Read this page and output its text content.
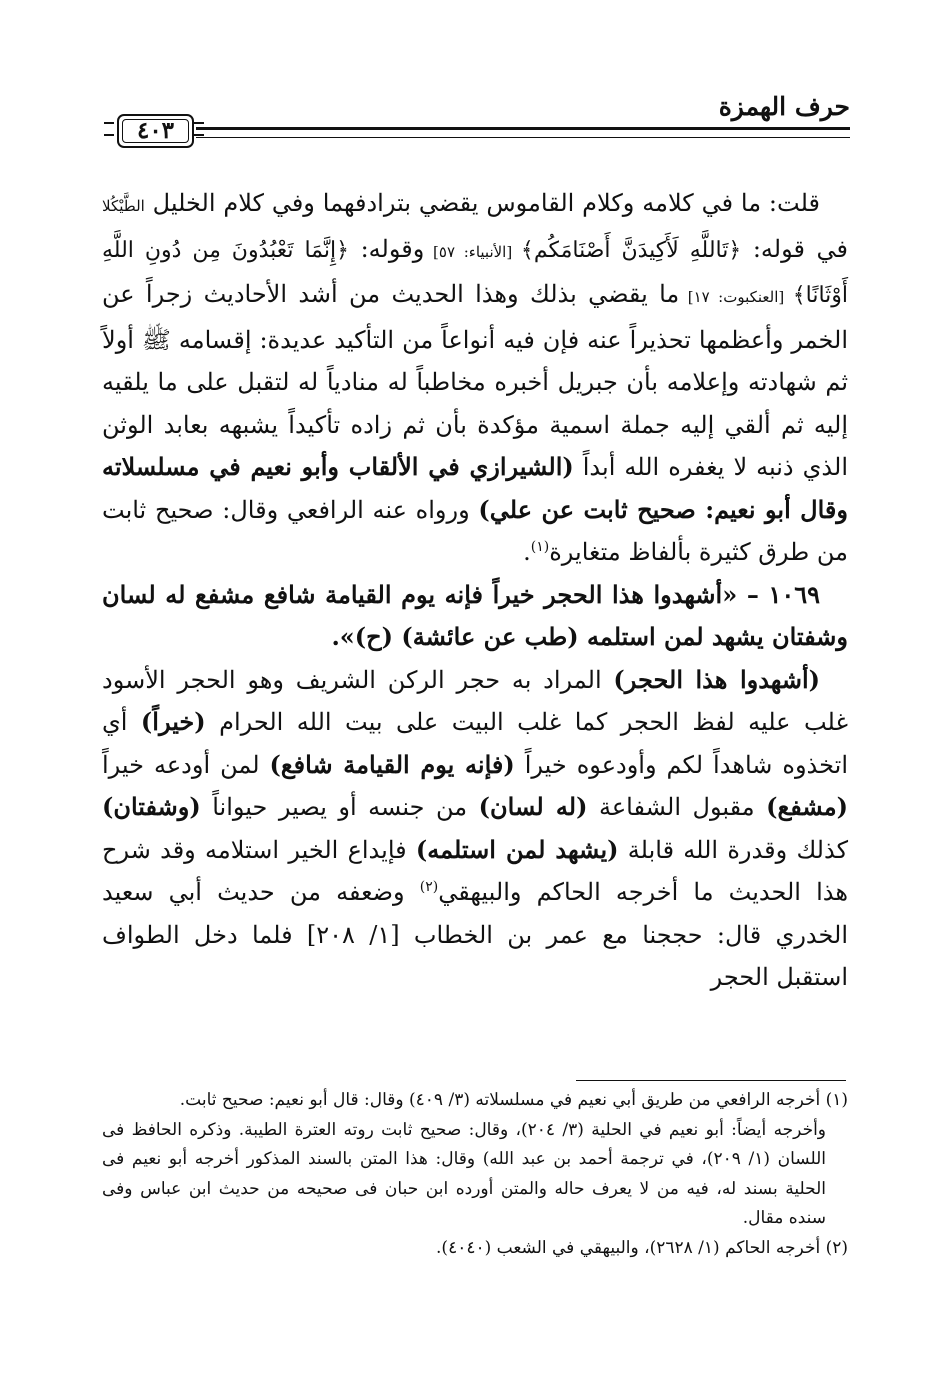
حرف الهمزة
٤٠٣

قلت: ما في كلامه وكلام القاموس يقضي بترادفهما وفي كلام الخليل الطَّيْكُلا في قوله: ﴿تَاللَّهِ لَأَكِيدَنَّ أَصْنَامَكُم﴾ [الأنبياء: ٥٧] وقوله: ﴿إِنَّمَا تَعْبُدُونَ مِن دُونِ اللَّهِ أَوْثَانًا﴾ [العنكبوت: ١٧] ما يقضي بذلك وهذا الحديث من أشد الأحاديث زجراً عن الخمر وأعظمها تحذيراً عنه فإن فيه أنواعاً من التأكيد عديدة: إقسامه ﷺ أولاً ثم شهادته وإعلامه بأن جبريل أخبره مخاطباً له منادياً له لتقبل على ما يلقيه إليه ثم ألقي إليه جملة اسمية مؤكدة بأن ثم زاده تأكيداً يشبهه بعابد الوثن الذي ذنبه لا يغفره الله أبداً (الشيرازي في الألقاب وأبو نعيم في مسلسلاته وقال أبو نعيم: صحيح ثابت عن علي) ورواه عنه الرافعي وقال: صحيح ثابت من طرق كثيرة بألفاظ متغايرة$^{(١)}$.

١٠٦٩ – «أشهدوا هذا الحجر خيراً فإنه يوم القيامة شافع مشفع له لسان وشفتان يشهد لمن استلمه (طب عن عائشة) (ح)».

(أشهدوا هذا الحجر) المراد به حجر الركن الشريف وهو الحجر الأسود غلب عليه لفظ الحجر كما غلب البيت على بيت الله الحرام (خيراً) أي اتخذوه شاهداً لكم وأودعوه خيراً (فإنه يوم القيامة شافع) لمن أودعه خيراً (مشفع) مقبول الشفاعة (له لسان) من جنسه أو يصير حيواناً (وشفتان) كذلك وقدرة الله قابلة (يشهد لمن استلمه) فإيداع الخير استلامه وقد شرح هذا الحديث ما أخرجه الحاكم والبيهقي$^{(٢)}$ وضعفه من حديث أبي سعيد الخدري قال: حججنا مع عمر بن الخطاب [١/ ٢٠٨] فلما دخل الطواف استقبل الحجر

(١) أخرجه الرافعي من طريق أبي نعيم في مسلسلاته (٣/ ٤٠٩) وقال: قال أبو نعيم: صحيح ثابت.

وأخرجه أيضاً: أبو نعيم في الحلية (٣/ ٢٠٤)، وقال: صحيح ثابت روته العترة الطيبة. وذكره الحافظ فى اللسان (١/ ٢٠٩)، في ترجمة أحمد بن عبد الله) وقال: هذا المتن بالسند المذكور أخرجه أبو نعيم فى الحلية بسند له، فيه من لا يعرف حاله والمتن أورده ابن حبان فى صحيحه من حديث ابن عباس وفى سنده مقال.

(٢) أخرجه الحاكم (١/ ٢٦٢٨)، والبيهقي في الشعب (٤٠٤٠).
